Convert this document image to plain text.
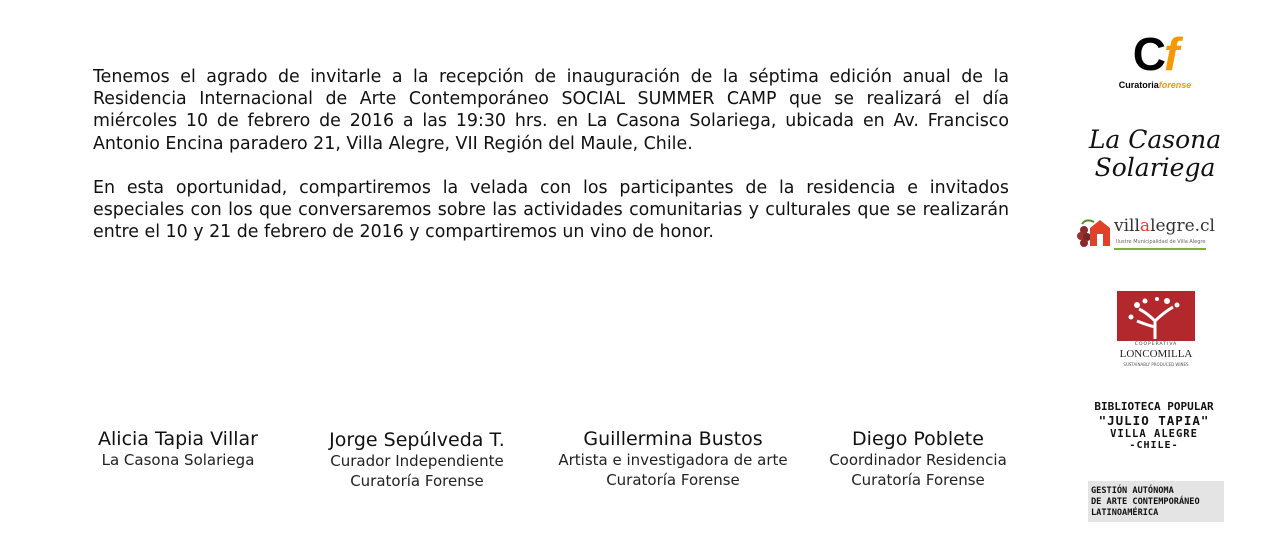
Tenemos el agrado de invitarle a la recepción de inauguración de la séptima edición anual de la Residencia Internacional de Arte Contemporáneo SOCIAL SUMMER CAMP que se realizará el día miércoles 10 de febrero de 2016 a las 19:30 hrs. en La Casona Solariega, ubicada en Av. Francisco Antonio Encina paradero 21, Villa Alegre, VII Región del Maule, Chile.

En esta oportunidad, compartiremos la velada con los participantes de la residencia e invitados especiales con los que conversaremos sobre las actividades comunitarias y culturales que se realizarán entre el 10 y 21 de febrero de 2016 y compartiremos un vino de honor.

Alicia Tapia Villar
La Casona Solariega
Jorge Sepúlveda T.
Curador Independiente
Curatoría Forense
Guillermina Bustos
Artista e investigadora de arte
Curatoría Forense
Diego Poblete
Coordinador Residencia
Curatoría Forense
Cf
Curatoriaforense
La Casona
Solariega
villalegre.cl
Ilustre Municipalidad de Villa Alegre
COOPERATIVA
LONCOMILLA
SUSTAINABLY PRODUCED WINES
BIBLIOTECA POPULAR
"JULIO TAPIA"
VILLA ALEGRE
-CHILE-
GESTIÓN AUTÓNOMA
DE ARTE CONTEMPORÁNEO
LATINOAMÉRICA
